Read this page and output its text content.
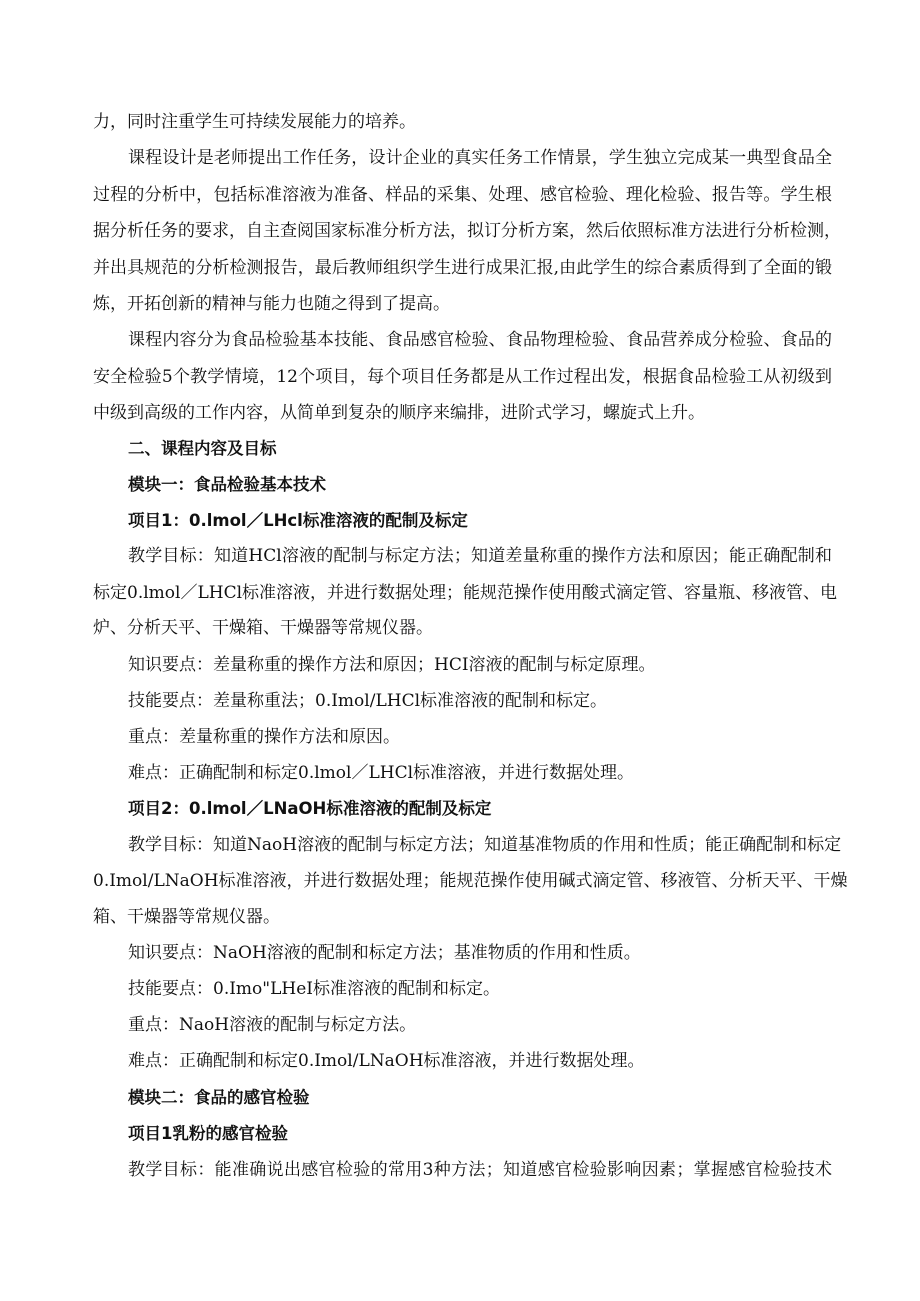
力，同时注重学生可持续发展能力的培养。
课程设计是老师提出工作任务，设计企业的真实任务工作情景，学生独立完成某一典型食品全
过程的分析中，包括标准溶液为准备、样品的采集、处理、感官检验、理化检验、报告等。学生根
据分析任务的要求，自主查阅国家标准分析方法，拟订分析方案，然后依照标准方法进行分析检测，
并出具规范的分析检测报告，最后教师组织学生进行成果汇报,由此学生的综合素质得到了全面的锻
炼，开拓创新的精神与能力也随之得到了提高。
课程内容分为食品检验基本技能、食品感官检验、食品物理检验、食品营养成分检验、食品的
安全检验5个教学情境，12个项目，每个项目任务都是从工作过程出发，根据食品检验工从初级到
中级到高级的工作内容，从简单到复杂的顺序来编排，进阶式学习，螺旋式上升。
二、课程内容及目标
模块一：食品检验基本技术
项目1：0.lmol／LHcl标准溶液的配制及标定
教学目标：知道HCl溶液的配制与标定方法；知道差量称重的操作方法和原因；能正确配制和
标定0.lmol／LHCl标准溶液，并进行数据处理；能规范操作使用酸式滴定管、容量瓶、移液管、电
炉、分析天平、干燥箱、干燥器等常规仪器。
知识要点：差量称重的操作方法和原因；HCI溶液的配制与标定原理。
技能要点：差量称重法；0.Imol/LHCl标准溶液的配制和标定。
重点：差量称重的操作方法和原因。
难点：正确配制和标定0.lmol／LHCl标准溶液，并进行数据处理。
项目2：0.lmol／LNaOH标准溶液的配制及标定
教学目标：知道NaoH溶液的配制与标定方法；知道基准物质的作用和性质；能正确配制和标定
0.Imol/LNaOH标准溶液，并进行数据处理；能规范操作使用碱式滴定管、移液管、分析天平、干燥
箱、干燥器等常规仪器。
知识要点：NaOH溶液的配制和标定方法；基准物质的作用和性质。
技能要点：0.Imo"LHeI标准溶液的配制和标定。
重点：NaoH溶液的配制与标定方法。
难点：正确配制和标定0.Imol/LNaOH标准溶液，并进行数据处理。
模块二：食品的感官检验
项目1乳粉的感官检验
教学目标：能准确说出感官检验的常用3种方法；知道感官检验影响因素；掌握感官检验技术
